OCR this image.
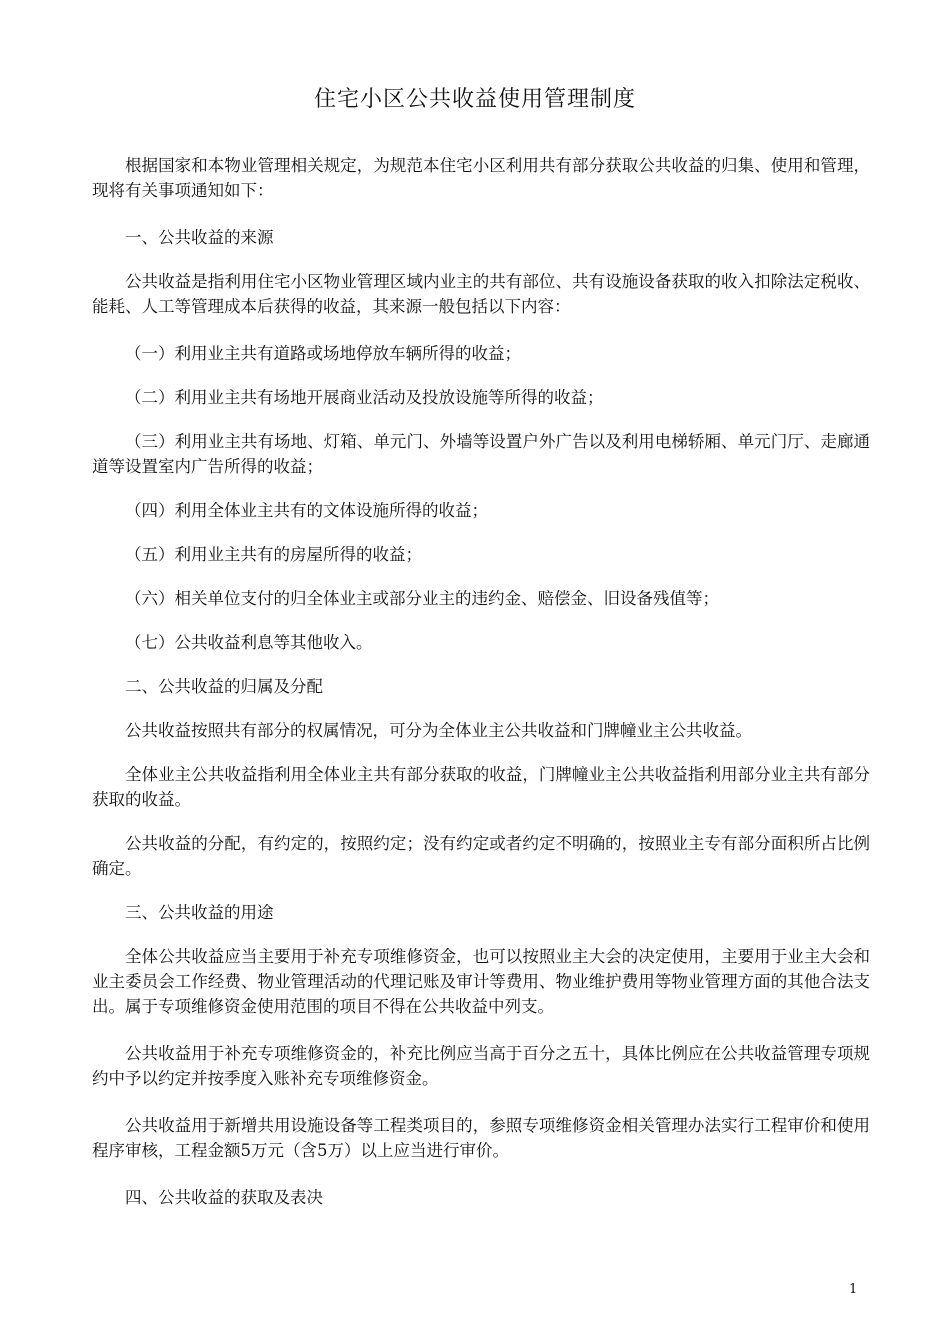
住宅小区公共收益使用管理制度

根据国家和本物业管理相关规定，为规范本住宅小区利用共有部分获取公共收益的归集、使用和管理，现将有关事项通知如下：

一、公共收益的来源

公共收益是指利用住宅小区物业管理区域内业主的共有部位、共有设施设备获取的收入扣除法定税收、能耗、人工等管理成本后获得的收益，其来源一般包括以下内容：

（一）利用业主共有道路或场地停放车辆所得的收益；

（二）利用业主共有场地开展商业活动及投放设施等所得的收益；

（三）利用业主共有场地、灯箱、单元门、外墙等设置户外广告以及利用电梯轿厢、单元门厅、走廊通道等设置室内广告所得的收益；

（四）利用全体业主共有的文体设施所得的收益；

（五）利用业主共有的房屋所得的收益；

（六）相关单位支付的归全体业主或部分业主的违约金、赔偿金、旧设备残值等；

（七）公共收益利息等其他收入。

二、公共收益的归属及分配

公共收益按照共有部分的权属情况，可分为全体业主公共收益和门牌幢业主公共收益。

全体业主公共收益指利用全体业主共有部分获取的收益，门牌幢业主公共收益指利用部分业主共有部分获取的收益。

公共收益的分配，有约定的，按照约定；没有约定或者约定不明确的，按照业主专有部分面积所占比例确定。

三、公共收益的用途

全体公共收益应当主要用于补充专项维修资金，也可以按照业主大会的决定使用，主要用于业主大会和业主委员会工作经费、物业管理活动的代理记账及审计等费用、物业维护费用等物业管理方面的其他合法支出。属于专项维修资金使用范围的项目不得在公共收益中列支。

公共收益用于补充专项维修资金的，补充比例应当高于百分之五十，具体比例应在公共收益管理专项规约中予以约定并按季度入账补充专项维修资金。

公共收益用于新增共用设施设备等工程类项目的，参照专项维修资金相关管理办法实行工程审价和使用程序审核，工程金额5万元（含5万）以上应当进行审价。

四、公共收益的获取及表决

1
